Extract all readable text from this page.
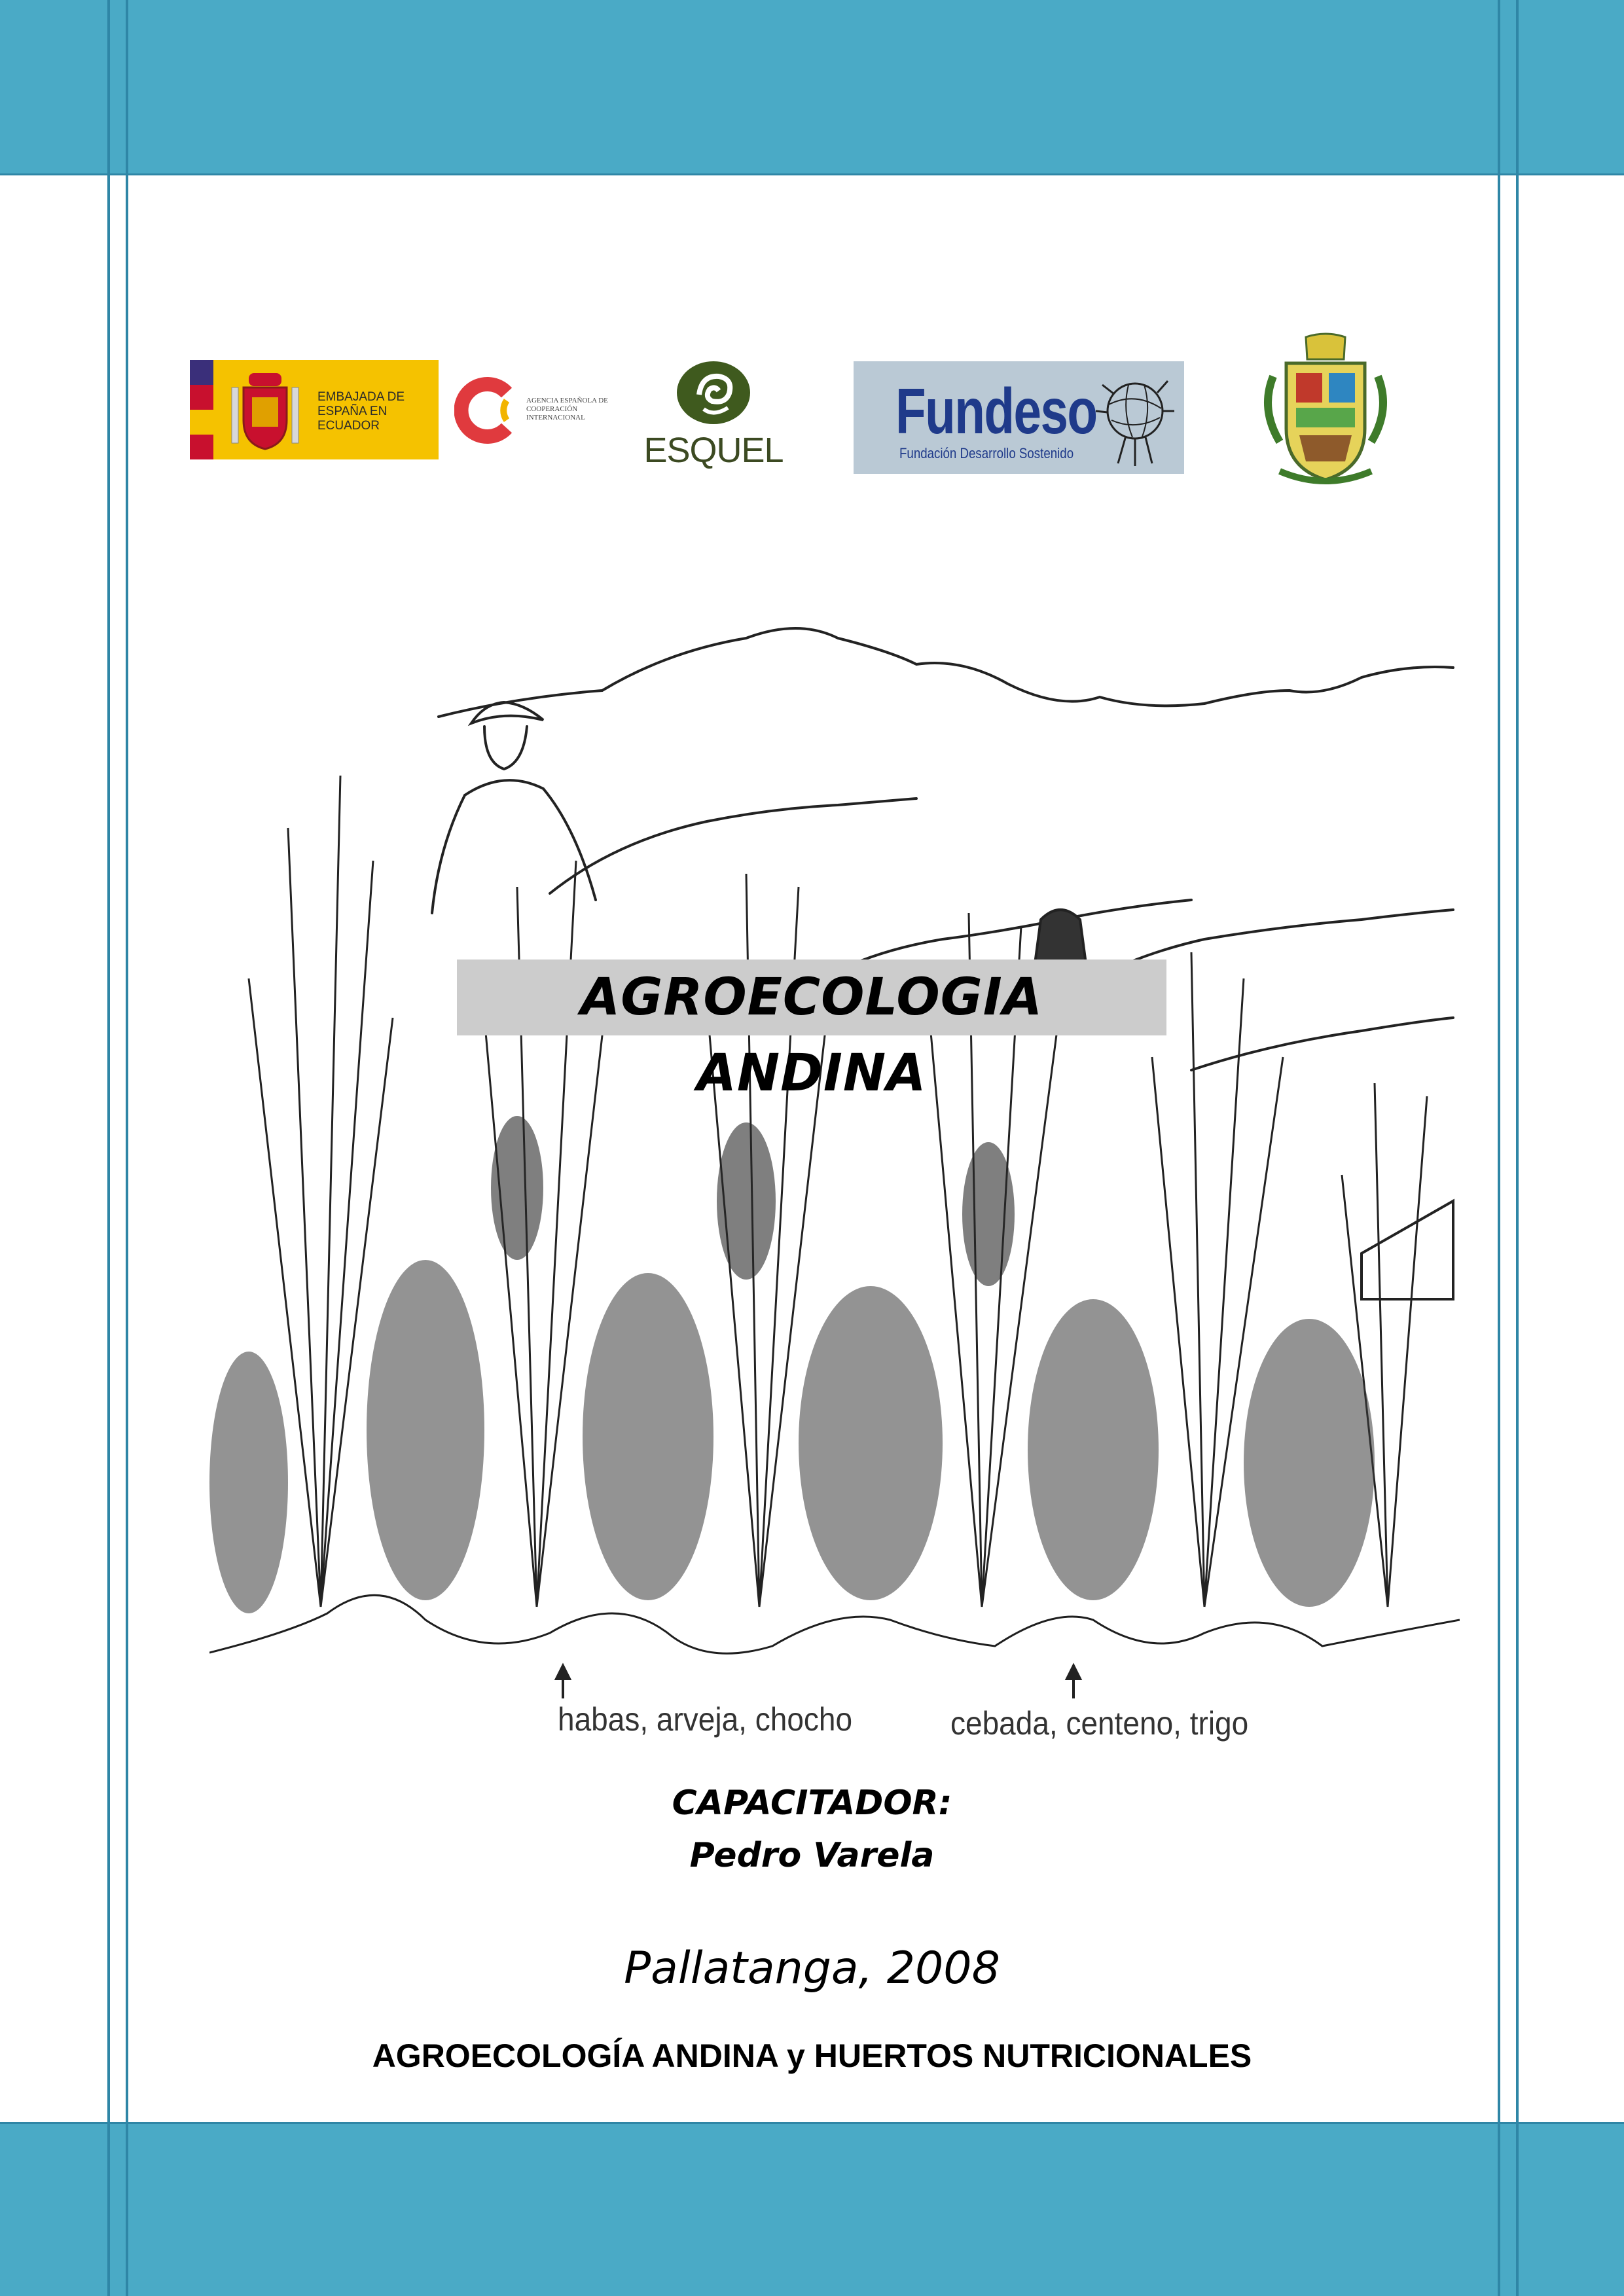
EMBAJADA DE ESPAÑA EN ECUADOR
AGENCIA ESPAÑOLA DE COOPERACIÓN INTERNACIONAL
ESQUEL
Fundeso
Fundación Desarrollo Sostenido
habas, arveja, chocho	cebada, centeno, trigo
AGROECOLOGIA ANDINA
CAPACITADOR:
Pedro Varela
Pallatanga, 2008
AGROECOLOGÍA ANDINA y HUERTOS NUTRICIONALES
